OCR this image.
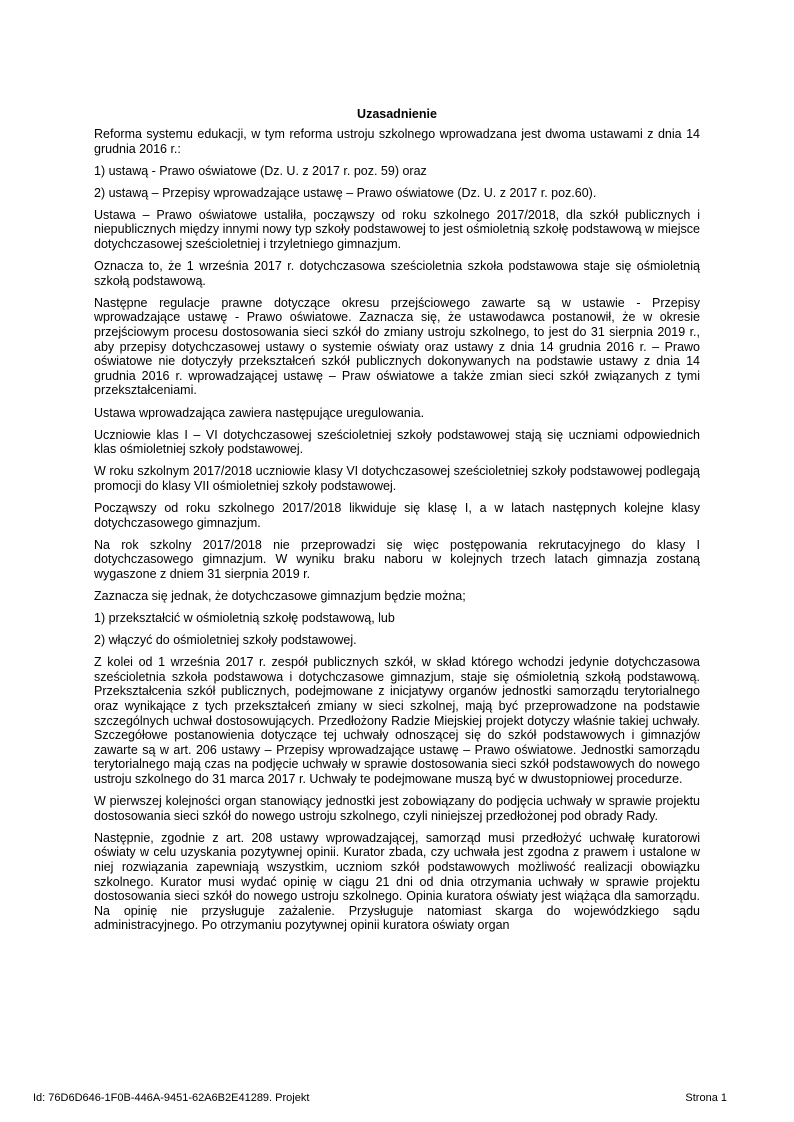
Uzasadnienie

Reforma systemu edukacji, w tym reforma ustroju szkolnego wprowadzana jest dwoma ustawami z dnia 14 grudnia 2016 r.:

1) ustawą - Prawo oświatowe (Dz. U. z 2017 r. poz. 59) oraz

2) ustawą – Przepisy wprowadzające ustawę – Prawo oświatowe (Dz. U. z 2017 r. poz.60).

Ustawa – Prawo oświatowe ustaliła, począwszy od roku szkolnego 2017/2018, dla szkół publicznych i niepublicznych między innymi nowy typ szkoły podstawowej to jest ośmioletnią szkołę podstawową w miejsce dotychczasowej sześcioletniej i trzyletniego gimnazjum.

Oznacza to, że 1 września 2017 r. dotychczasowa sześcioletnia szkoła podstawowa staje się ośmioletnią szkołą podstawową.

Następne regulacje prawne dotyczące okresu przejściowego zawarte są w ustawie - Przepisy wprowadzające ustawę - Prawo oświatowe. Zaznacza się, że ustawodawca postanowił, że w okresie przejściowym procesu dostosowania sieci szkół do zmiany ustroju szkolnego, to jest do 31 sierpnia 2019 r., aby przepisy dotychczasowej ustawy o systemie oświaty oraz ustawy z dnia 14 grudnia 2016 r. – Prawo oświatowe nie dotyczyły przekształceń szkół publicznych dokonywanych na podstawie ustawy z dnia 14 grudnia 2016 r. wprowadzającej ustawę – Praw oświatowe a także zmian sieci szkół związanych z tymi przekształceniami.

Ustawa wprowadzająca zawiera następujące uregulowania.

Uczniowie klas I – VI dotychczasowej sześcioletniej szkoły podstawowej stają się uczniami odpowiednich klas ośmioletniej szkoły podstawowej.

W roku szkolnym 2017/2018 uczniowie klasy VI dotychczasowej sześcioletniej szkoły podstawowej podlegają promocji do klasy VII ośmioletniej szkoły podstawowej.

Począwszy od roku szkolnego 2017/2018 likwiduje się klasę I, a w latach następnych kolejne klasy dotychczasowego gimnazjum.

Na rok szkolny 2017/2018 nie przeprowadzi się więc postępowania rekrutacyjnego do klasy I dotychczasowego gimnazjum. W wyniku braku naboru w kolejnych trzech latach gimnazja zostaną wygaszone z dniem 31 sierpnia 2019 r.

Zaznacza się jednak, że dotychczasowe gimnazjum będzie można;

1) przekształcić w ośmioletnią szkołę podstawową, lub

2) włączyć do ośmioletniej szkoły podstawowej.

Z kolei od 1 września 2017 r. zespół publicznych szkół, w skład którego wchodzi jedynie dotychczasowa sześcioletnia szkoła podstawowa i dotychczasowe gimnazjum, staje się ośmioletnią szkołą podstawową. Przekształcenia szkół publicznych, podejmowane z inicjatywy organów jednostki samorządu terytorialnego oraz wynikające z tych przekształceń zmiany w sieci szkolnej, mają być przeprowadzone na podstawie szczególnych uchwał dostosowujących. Przedłożony Radzie Miejskiej projekt dotyczy właśnie takiej uchwały. Szczegółowe postanowienia dotyczące tej uchwały odnoszącej się do szkół podstawowych i gimnazjów zawarte są w art. 206 ustawy – Przepisy wprowadzające ustawę – Prawo oświatowe. Jednostki samorządu terytorialnego mają czas na podjęcie uchwały w sprawie dostosowania sieci szkół podstawowych do nowego ustroju szkolnego do 31 marca 2017 r. Uchwały te podejmowane muszą być w dwustopniowej procedurze.

W pierwszej kolejności organ stanowiący jednostki jest zobowiązany do podjęcia uchwały w sprawie projektu dostosowania sieci szkół do nowego ustroju szkolnego, czyli niniejszej przedłożonej pod obrady Rady.

Następnie, zgodnie z art. 208 ustawy wprowadzającej, samorząd musi przedłożyć uchwałę kuratorowi oświaty w celu uzyskania pozytywnej opinii. Kurator zbada, czy uchwała jest zgodna z prawem i ustalone w niej rozwiązania zapewniają wszystkim, uczniom szkół podstawowych możliwość realizacji obowiązku szkolnego. Kurator musi wydać opinię w ciągu 21 dni od dnia otrzymania uchwały w sprawie projektu dostosowania sieci szkół do nowego ustroju szkolnego. Opinia kuratora oświaty jest wiążąca dla samorządu. Na opinię nie przysługuje zażalenie. Przysługuje natomiast skarga do wojewódzkiego sądu administracyjnego. Po otrzymaniu pozytywnej opinii kuratora oświaty organ

Id: 76D6D646-1F0B-446A-9451-62A6B2E41289. Projekt	Strona 1
